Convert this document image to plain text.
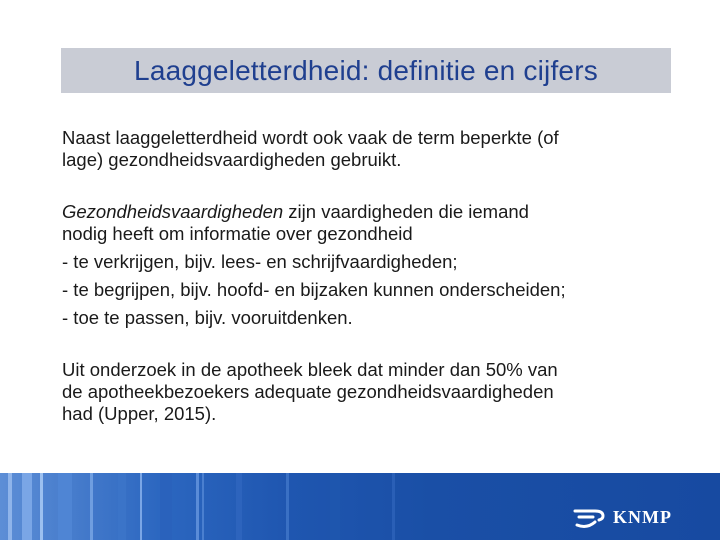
Laaggeletterdheid: definitie en cijfers

Naast laaggeletterdheid wordt ook vaak de term beperkte (of
lage) gezondheidsvaardigheden gebruikt.

Gezondheidsvaardigheden zijn vaardigheden die iemand
nodig heeft om informatie over gezondheid
- te verkrijgen, bijv. lees- en schrijfvaardigheden;
- te begrijpen, bijv. hoofd- en bijzaken kunnen onderscheiden;
- toe te passen, bijv. vooruitdenken.

Uit onderzoek in de apotheek bleek dat minder dan 50% van
de apotheekbezoekers adequate gezondheidsvaardigheden
had (Upper, 2015).

KNMP
